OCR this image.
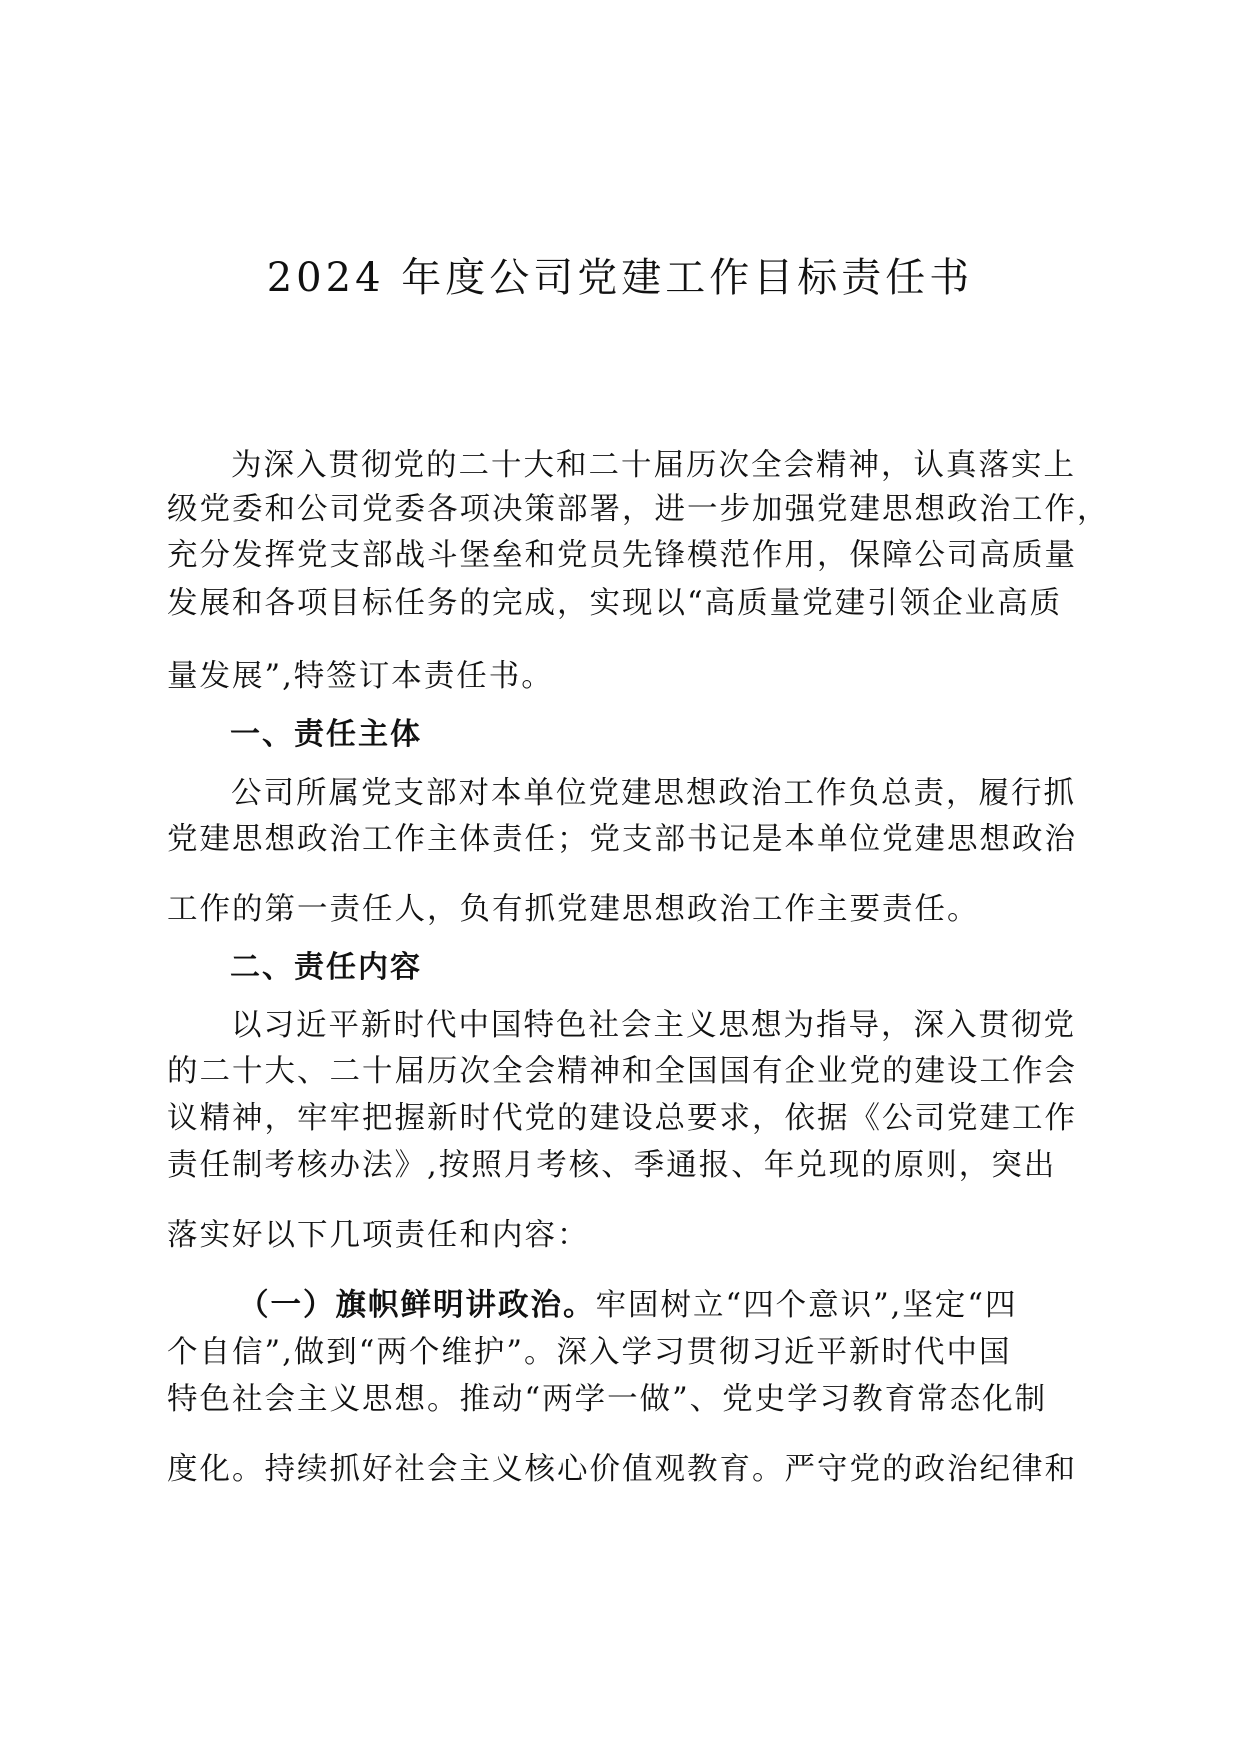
2024 年度公司党建工作目标责任书
为深入贯彻党的二十大和二十届历次全会精神，认真落实上
级党委和公司党委各项决策部署，进一步加强党建思想政治工作，
充分发挥党支部战斗堡垒和党员先锋模范作用，保障公司高质量
发展和各项目标任务的完成，实现以“高质量党建引领企业高质
量发展”,特签订本责任书。
一、责任主体
公司所属党支部对本单位党建思想政治工作负总责，履行抓
党建思想政治工作主体责任；党支部书记是本单位党建思想政治
工作的第一责任人，负有抓党建思想政治工作主要责任。
二、责任内容
以习近平新时代中国特色社会主义思想为指导，深入贯彻党
的二十大、二十届历次全会精神和全国国有企业党的建设工作会
议精神，牢牢把握新时代党的建设总要求，依据《公司党建工作
责任制考核办法》,按照月考核、季通报、年兑现的原则，突出
落实好以下几项责任和内容：
（一）旗帜鲜明讲政治。牢固树立“四个意识”,坚定“四
个自信”,做到“两个维护”。深入学习贯彻习近平新时代中国
特色社会主义思想。推动“两学一做”、党史学习教育常态化制
度化。持续抓好社会主义核心价值观教育。严守党的政治纪律和
